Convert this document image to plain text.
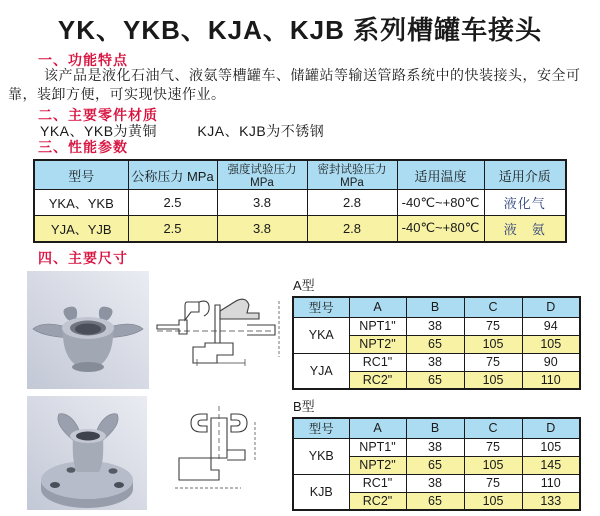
YK、YKB、KJA、KJB 系列槽罐车接头
一、功能特点

该产品是液化石油气、液氨等槽罐车、储罐站等输送管路系统中的快装接头，安全可靠，装卸方便，可实现快速作业。

二、主要零件材质
YKA、YKB为黄铜	KJA、KJB为不锈钢
三、性能参数
型号	公称压力 MPa	强度试验压力MPa	密封试验压力MPa	适用温度	适用介质
YKA、YKB	2.5	3.8	2.8	-40℃~+80℃	液化气
YJA、YJB	2.5	3.8	2.8	-40℃~+80℃	液　氨
四、主要尺寸
A型
型号	A	B	C	D
YKA	NPT1"	38	75	94
	NPT2"	65	105	105
YJA	RC1"	38	75	90
	RC2"	65	105	110
B型
型号	A	B	C	D
YKB	NPT1"	38	75	105
	NPT2"	65	105	145
KJB	RC1"	38	75	110
	RC2"	65	105	133
